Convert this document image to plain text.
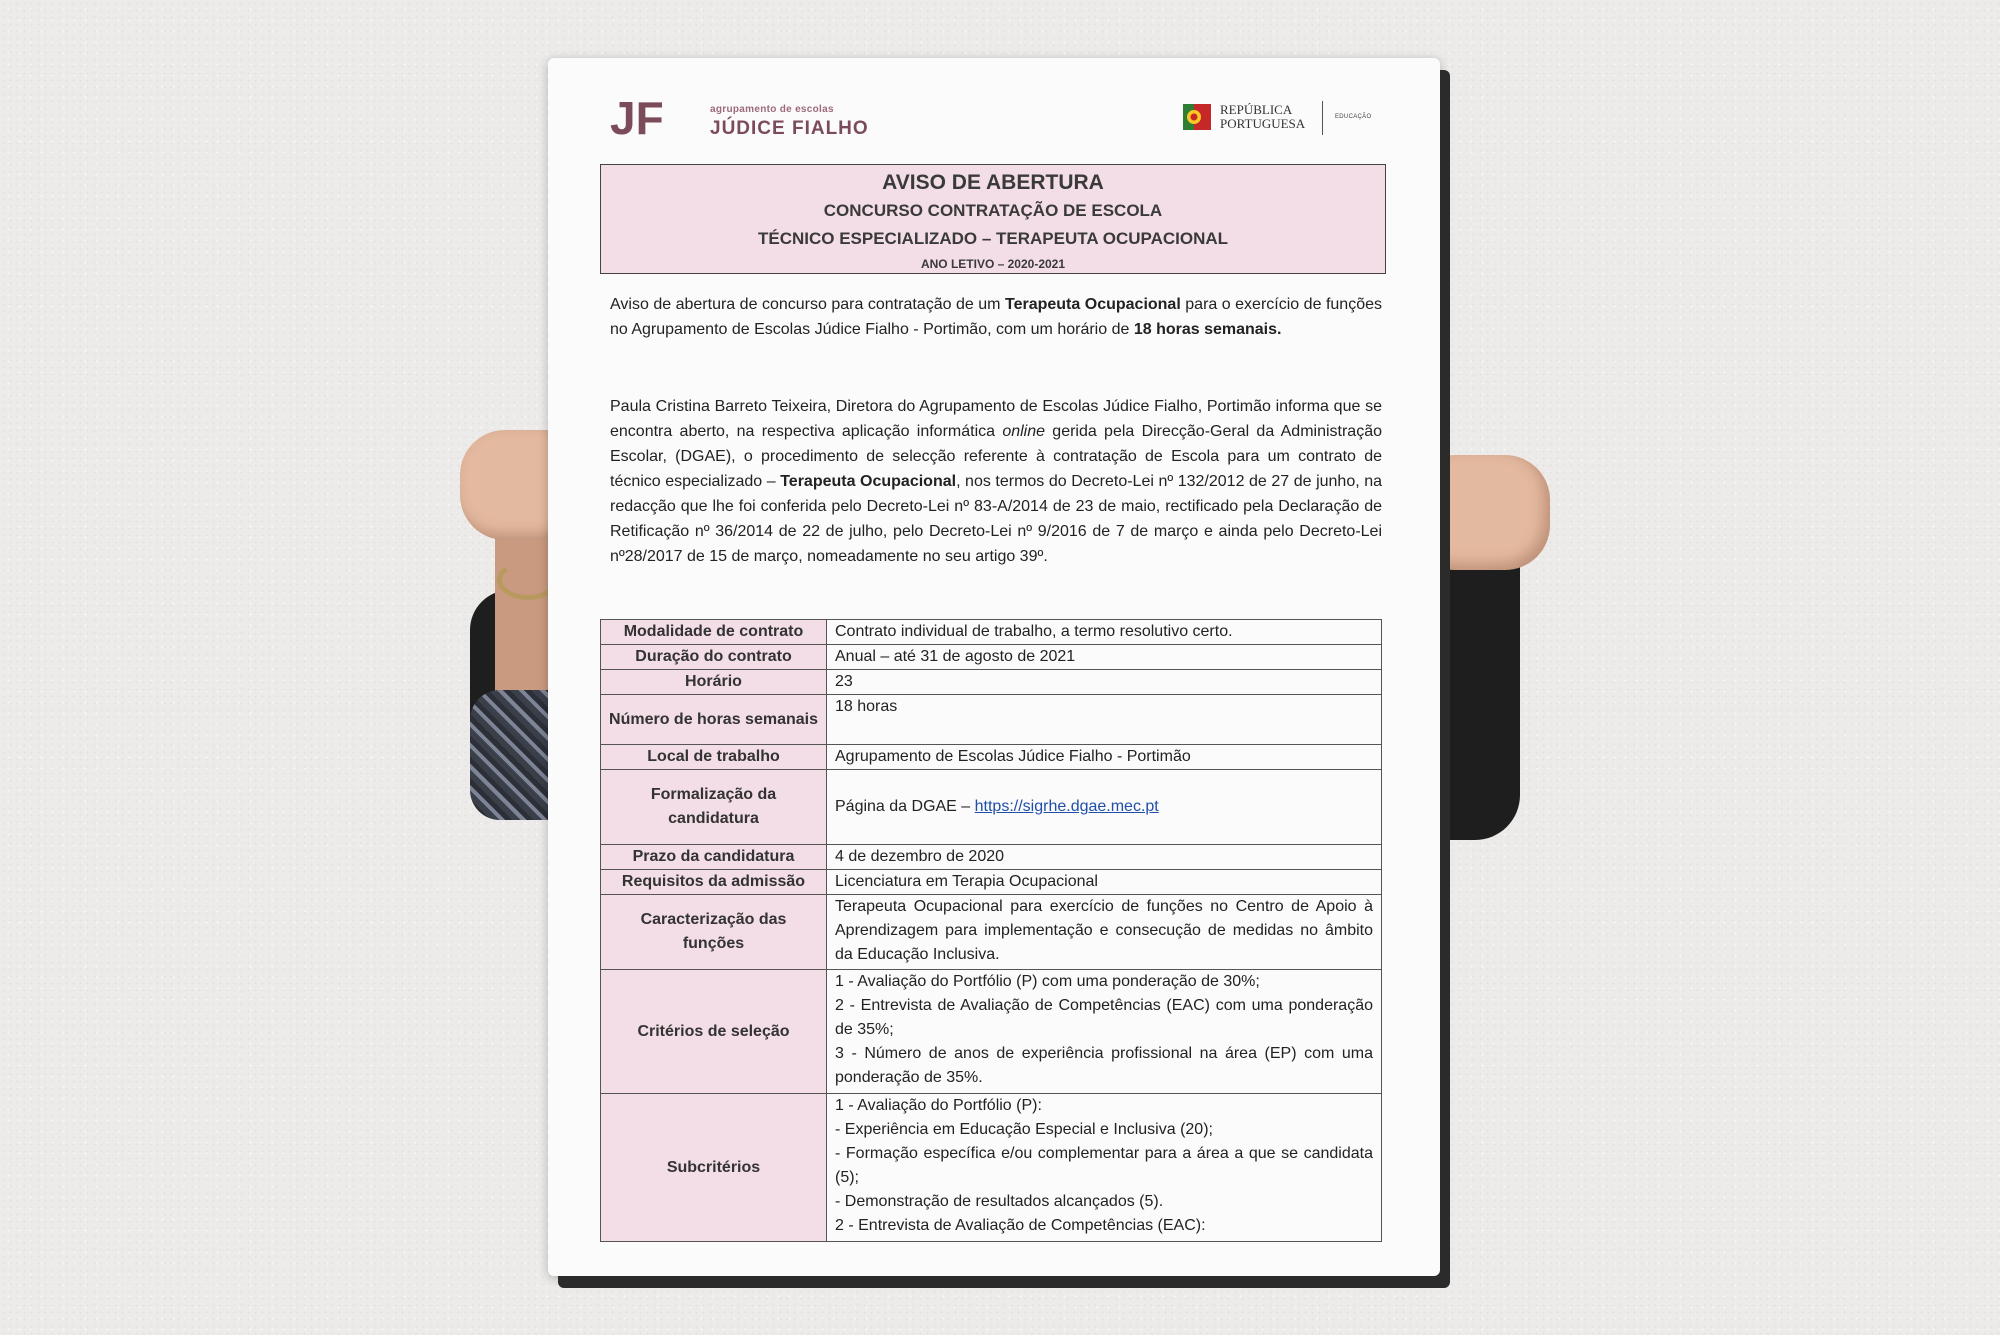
JF	agrupamento de escolas
JÚDICE FIALHO
REPÚBLICA
PORTUGUESA	EDUCAÇÃO
AVISO DE ABERTURA
CONCURSO CONTRATAÇÃO DE ESCOLA
TÉCNICO ESPECIALIZADO – TERAPEUTA OCUPACIONAL
ANO LETIVO – 2020-2021
Aviso de abertura de concurso para contratação de um Terapeuta Ocupacional para o exercício de funções no Agrupamento de Escolas Júdice Fialho - Portimão, com um horário de 18 horas semanais.
Paula Cristina Barreto Teixeira, Diretora do Agrupamento de Escolas Júdice Fialho, Portimão informa que se encontra aberto, na respectiva aplicação informática online gerida pela Direcção-Geral da Administração Escolar, (DGAE), o procedimento de selecção referente à contratação de Escola para um contrato de técnico especializado – Terapeuta Ocupacional, nos termos do Decreto-Lei nº 132/2012 de 27 de junho, na redacção que lhe foi conferida pelo Decreto-Lei nº 83-A/2014 de 23 de maio, rectificado pela Declaração de Retificação nº 36/2014 de 22 de julho, pelo Decreto-Lei nº 9/2016 de 7 de março e ainda pelo Decreto-Lei nº28/2017 de 15 de março, nomeadamente no seu artigo 39º.
Modalidade de contrato	Contrato individual de trabalho, a termo resolutivo certo.
Duração do contrato	Anual – até 31 de agosto de 2021
Horário	23
Número de horas semanais	18 horas
Local de trabalho	Agrupamento de Escolas Júdice Fialho - Portimão
Formalização da candidatura	Página da DGAE – https://sigrhe.dgae.mec.pt
Prazo da candidatura	4 de dezembro de 2020
Requisitos da admissão	Licenciatura em Terapia Ocupacional
Caracterização das funções	Terapeuta Ocupacional para exercício de funções no Centro de Apoio à Aprendizagem para implementação e consecução de medidas no âmbito da Educação Inclusiva.
Critérios de seleção	1 - Avaliação do Portfólio (P) com uma ponderação de 30%;
2 - Entrevista de Avaliação de Competências (EAC) com uma ponderação de 35%;
3 - Número de anos de experiência profissional na área (EP) com uma ponderação de 35%.

Subcritérios	1 - Avaliação do Portfólio (P):
- Experiência em Educação Especial e Inclusiva (20);
- Formação específica e/ou complementar para a área a que se candidata (5);
- Demonstração de resultados alcançados (5).
2 - Entrevista de Avaliação de Competências (EAC):
